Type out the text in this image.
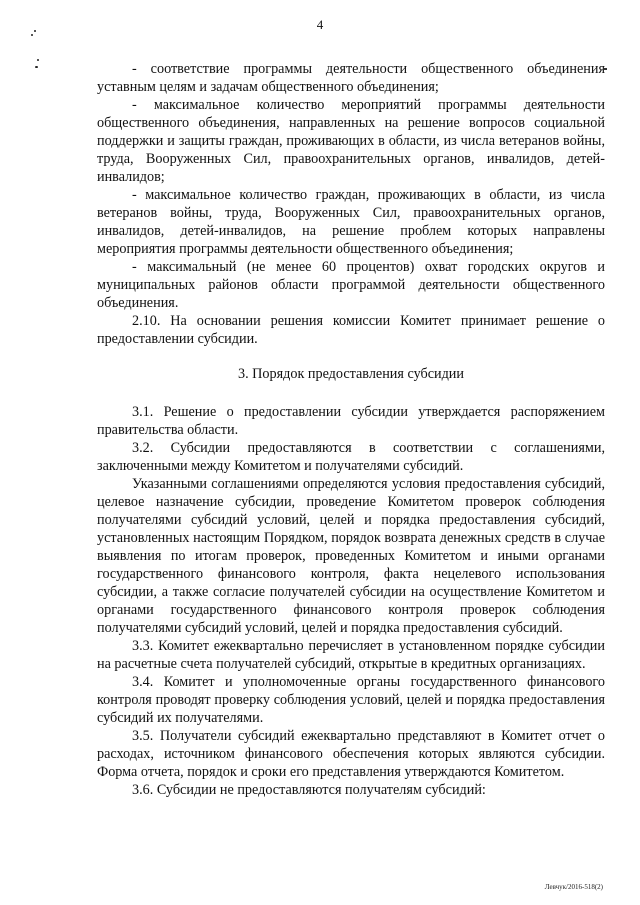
4

- соответствие программы деятельности общественного объединения уставным целям и задачам общественного объединения;

- максимальное количество мероприятий программы деятельности общественного объединения, направленных на решение вопросов социальной поддержки и защиты граждан, проживающих в области, из числа ветеранов войны, труда, Вооруженных Сил, правоохранительных органов, инвалидов, детей-инвалидов;

- максимальное количество граждан, проживающих в области, из числа ветеранов войны, труда, Вооруженных Сил, правоохранительных органов, инвалидов, детей-инвалидов, на решение проблем которых направлены мероприятия программы деятельности общественного объединения;

- максимальный (не менее 60 процентов) охват городских округов и муниципальных районов области программой деятельности общественного объединения.

2.10. На основании решения комиссии Комитет принимает решение о предоставлении субсидии.

3. Порядок предоставления субсидии

3.1. Решение о предоставлении субсидии утверждается распоряжением правительства области.

3.2. Субсидии предоставляются в соответствии с соглашениями, заключенными между Комитетом и получателями субсидий.

Указанными соглашениями определяются условия предоставления субсидий, целевое назначение субсидии, проведение Комитетом проверок соблюдения получателями субсидий условий, целей и порядка предоставления субсидий, установленных настоящим Порядком, порядок возврата денежных средств в случае выявления по итогам проверок, проведенных Комитетом и иными органами государственного финансового контроля, факта нецелевого использования субсидии, а также согласие получателей субсидии на осуществление Комитетом и органами государственного финансового контроля проверок соблюдения получателями субсидий условий, целей и порядка предоставления субсидий.

3.3. Комитет ежеквартально перечисляет в установленном порядке субсидии на расчетные счета получателей субсидий, открытые в кредитных организациях.

3.4. Комитет и уполномоченные органы государственного финансового контроля проводят проверку соблюдения условий, целей и порядка предоставления субсидий их получателями.

3.5. Получатели субсидий ежеквартально представляют в Комитет отчет о расходах, источником финансового обеспечения которых являются субсидии. Форма отчета, порядок и сроки его представления утверждаются Комитетом.

3.6. Субсидии не предоставляются получателям субсидий:

Левчук/2016-518(2)
